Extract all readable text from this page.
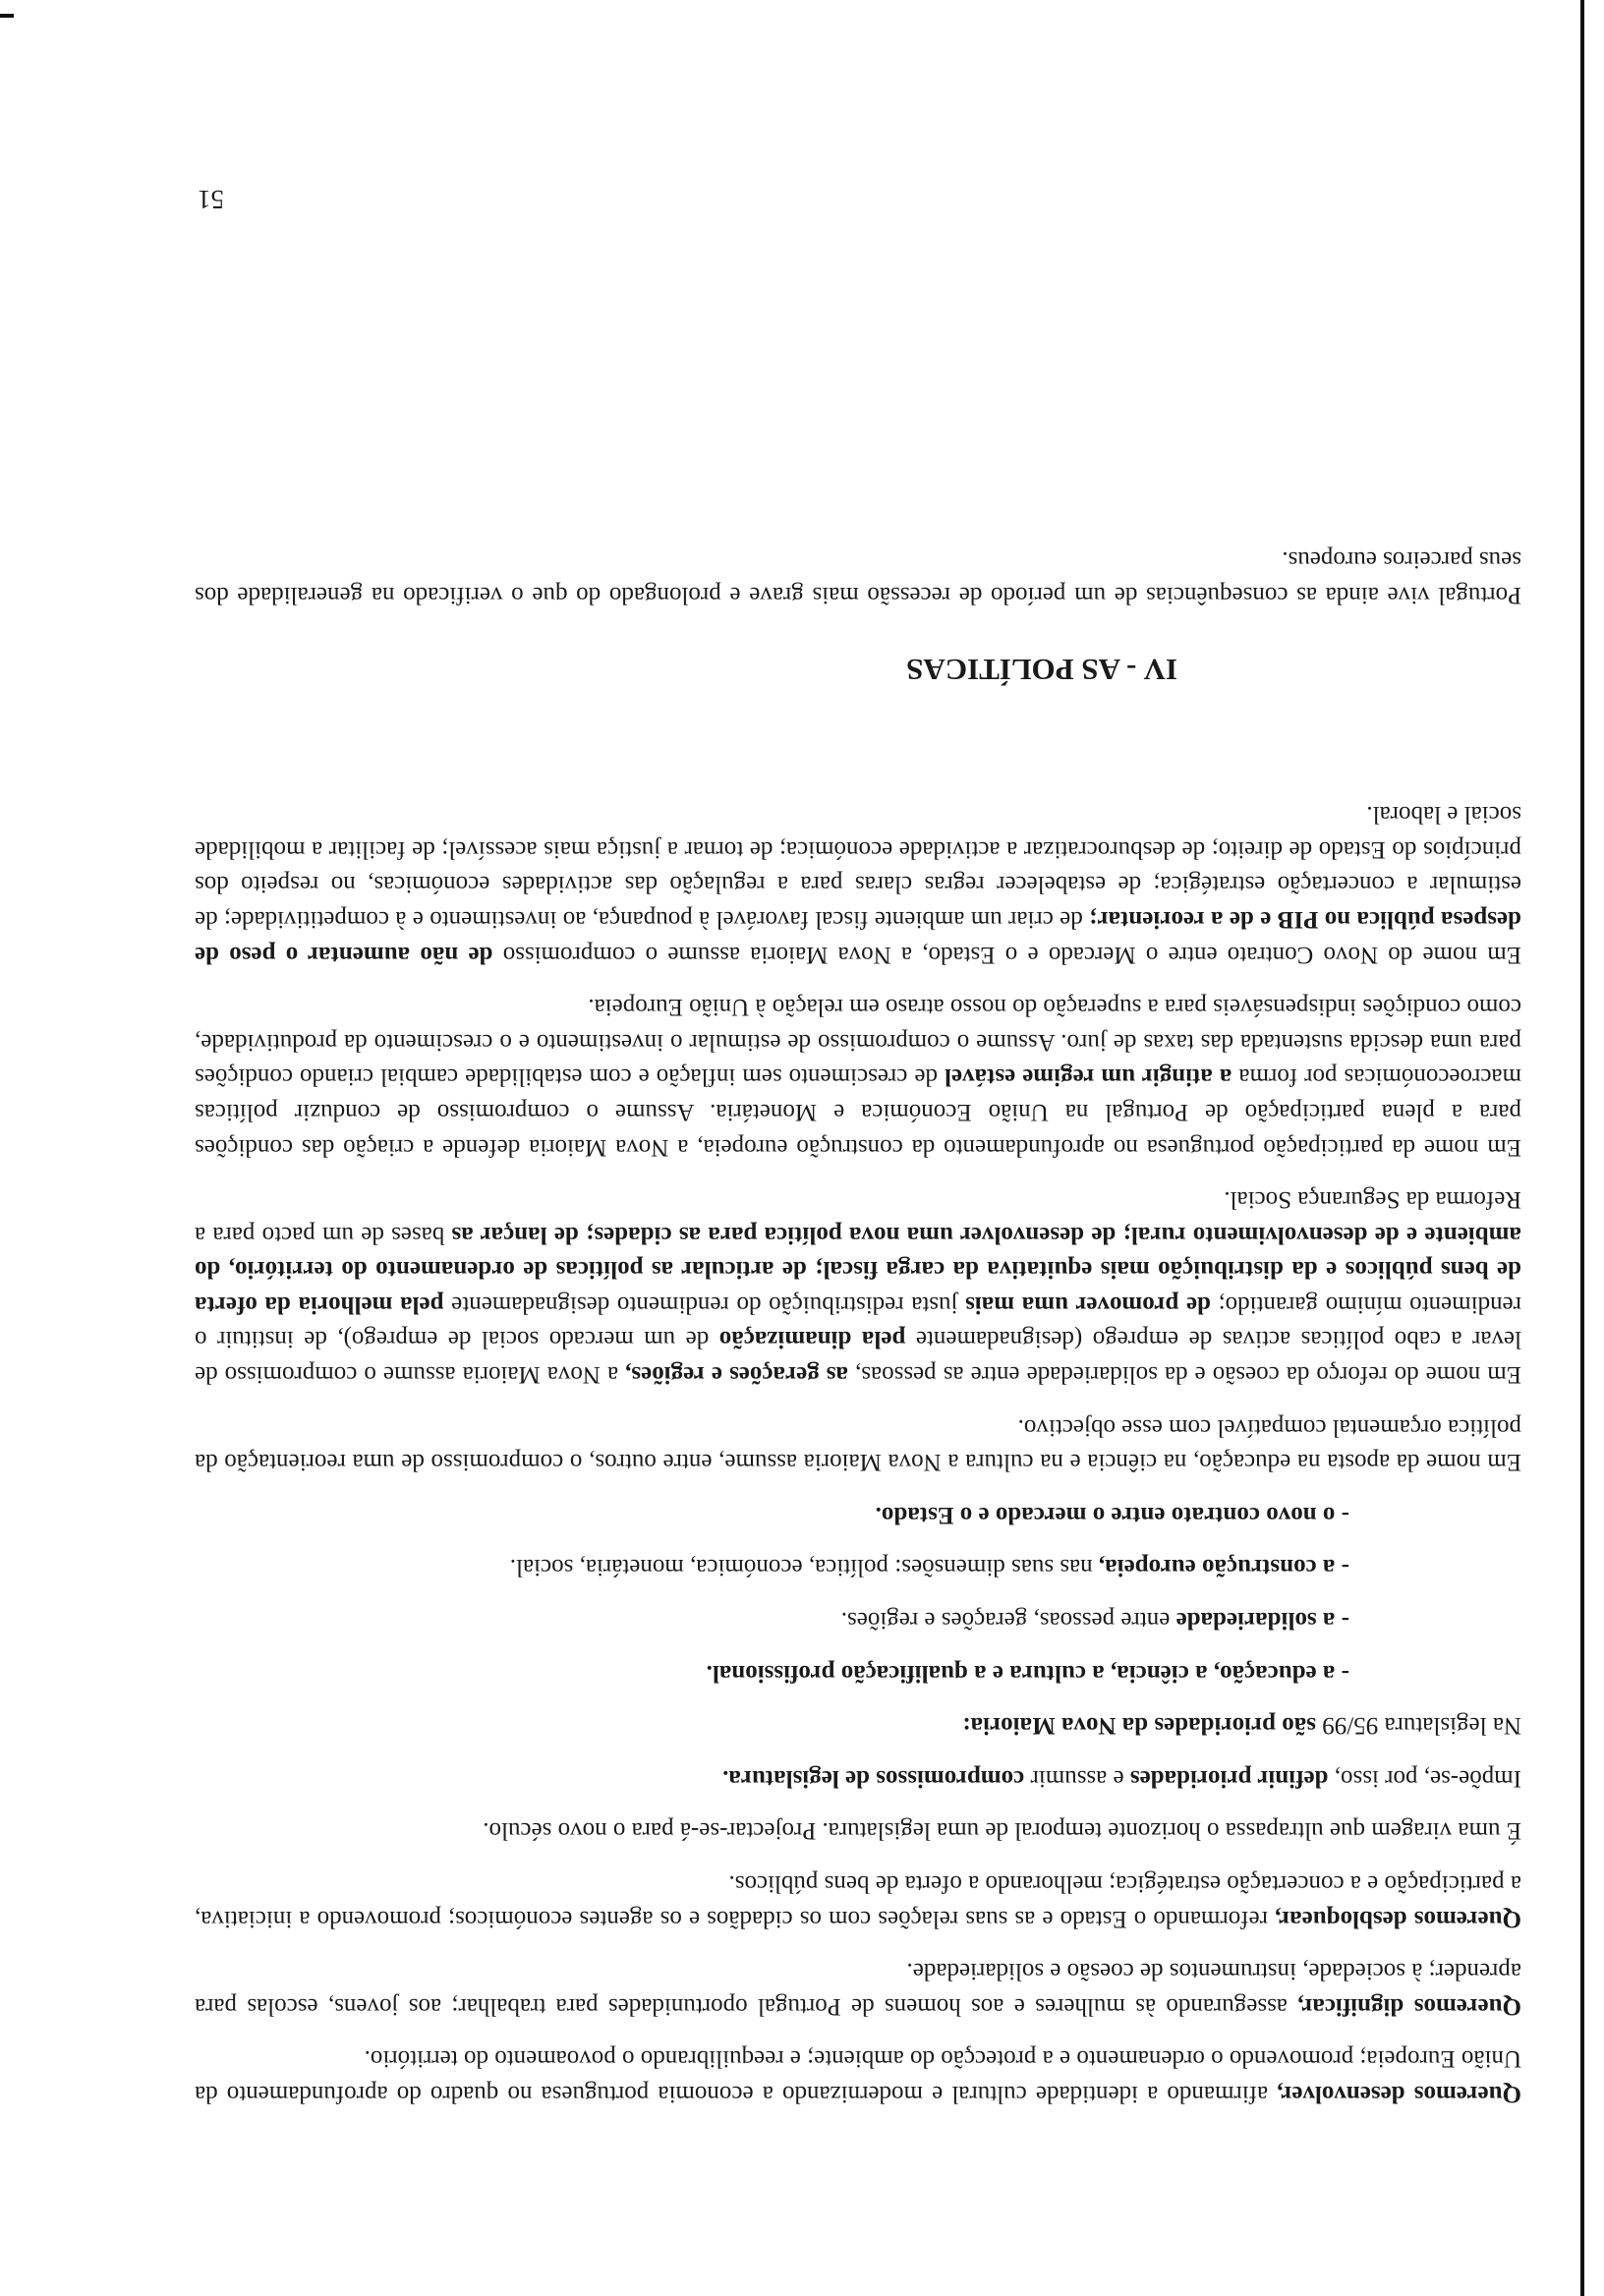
Queremos desenvolver, afirmando a identidade cultural e modernizando a economia portuguesa no quadro do aprofundamento da União Europeia; promovendo o ordenamento e a protecção do ambiente; e reequilibrando o povoamento do território.

Queremos dignificar, assegurando às mulheres e aos homens de Portugal oportunidades para trabalhar; aos jovens, escolas para aprender; à sociedade, instrumentos de coesão e solidariedade.

Queremos desbloquear, reformando o Estado e as suas relações com os cidadãos e os agentes económicos; promovendo a iniciativa, a participação e a concertação estratégica; melhorando a oferta de bens públicos.

É uma viragem que ultrapassa o horizonte temporal de uma legislatura. Projectar-se-á para o novo século.

Impõe-se, por isso, definir prioridades e assumir compromissos de legislatura.

Na legislatura 95/99 são prioridades da Nova Maioria:

- a educação, a ciência, a cultura e a qualificação profissional.

- a solidariedade entre pessoas, gerações e regiões.

- a construção europeia, nas suas dimensões: política, económica, monetária, social.

- o novo contrato entre o mercado e o Estado.

Em nome da aposta na educação, na ciência e na cultura a Nova Maioria assume, entre outros, o compromisso de uma reorientação da política orçamental compatível com esse objectivo.

Em nome do reforço da coesão e da solidariedade entre as pessoas, as gerações e regiões, a Nova Maioria assume o compromisso de levar a cabo políticas activas de emprego (designadamente pela dinamização de um mercado social de emprego), de instituir o rendimento mínimo garantido; de promover uma mais justa redistribuição do rendimento designadamente pela melhoria da oferta de bens públicos e da distribuição mais equitativa da carga fiscal; de articular as políticas de ordenamento do território, do ambiente e de desenvolvimento rural; de desenvolver uma nova política para as cidades; de lançar as bases de um pacto para a Reforma da Segurança Social.

Em nome da participação portuguesa no aprofundamento da construção europeia, a Nova Maioria defende a criação das condições para a plena participação de Portugal na União Económica e Monetária. Assume o compromisso de conduzir políticas macroeconómicas por forma a atingir um regime estável de crescimento sem inflação e com estabilidade cambial criando condições para uma descida sustentada das taxas de juro. Assume o compromisso de estimular o investimento e o crescimento da produtividade, como condições indispensáveis para a superação do nosso atraso em relação à União Europeia.

Em nome do Novo Contrato entre o Mercado e o Estado, a Nova Maioria assume o compromisso de não aumentar o peso de despesa pública no PIB e de a reorientar; de criar um ambiente fiscal favorável à poupança, ao investimento e à competitividade; de estimular a concertação estratégica; de estabelecer regras claras para a regulação das actividades económicas, no respeito dos princípios do Estado de direito; de desburocratizar a actividade económica; de tornar a justiça mais acessível; de facilitar a mobilidade social e laboral.

IV - AS POLÍTICAS

Portugal vive ainda as consequências de um período de recessão mais grave e prolongado do que o verificado na generalidade dos seus parceiros europeus.

51
